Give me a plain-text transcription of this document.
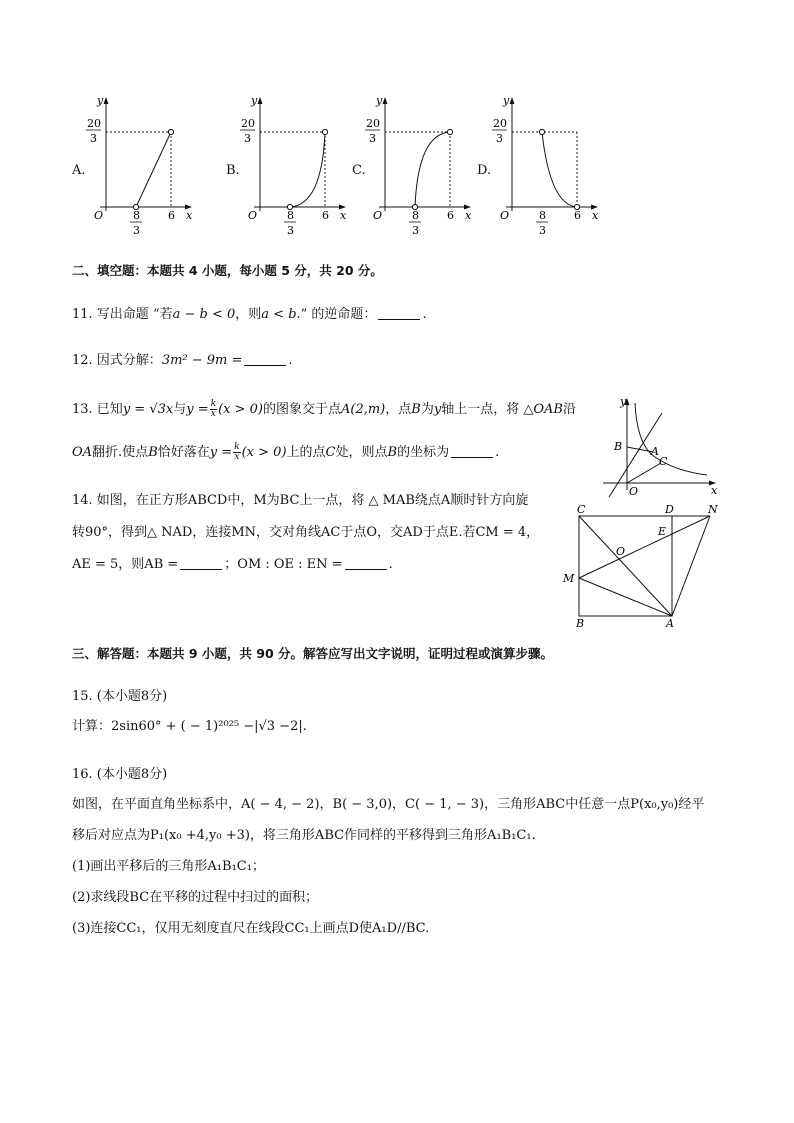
A.	B.	C.	D.
y
x
O
20
3
8
3
6
y
x
O
20
3
8
3
6
y
x
O
20
3
8
3
6
y
x
O
20
3
8
3
6
二、填空题：本题共 4 小题，每小题 5 分，共 20 分。
11. 写出命题 “若a − b < 0，则a < b.” 的逆命题：	.
12. 因式分解：3m² − 9m =	.
13. 已知y = √3x与$y = \frac{k}{x} (x > 0)$的图象交于点A(2,m)，点B为y轴上一点，将 △OAB沿
OA翻折.使点B恰好落在$y = \frac{k}{x} (x > 0)$上的点C处，则点B的坐标为	.
y
x
O
A
B
C
14. 如图，在正方形ABCD中，M为BC上一点，将 △ MAB绕点A顺时针方向旋
转90°，得到△ NAD，连接MN，交对角线AC于点O，交AD于点E.若CM = 4，
AE = 5，则AB =	；OM : OE : EN =	.
C	D	N
E
O
M
B	A
三、解答题：本题共 9 小题，共 90 分。解答应写出文字说明，证明过程或演算步骤。
15. (本小题8分)
计算：2sin60° + ( − 1)²⁰²⁵ −|√3 −2|.
16. (本小题8分)
如图，在平面直角坐标系中，A( − 4, − 2)，B( − 3,0)，C( − 1, − 3)，三角形ABC中任意一点P(x₀,y₀)经平
移后对应点为P₁(x₀ +4,y₀ +3)，将三角形ABC作同样的平移得到三角形A₁B₁C₁.
(1)画出平移后的三角形A₁B₁C₁；
(2)求线段BC在平移的过程中扫过的面积；
(3)连接CC₁，仅用无刻度直尺在线段CC₁上画点D使A₁D//BC.
